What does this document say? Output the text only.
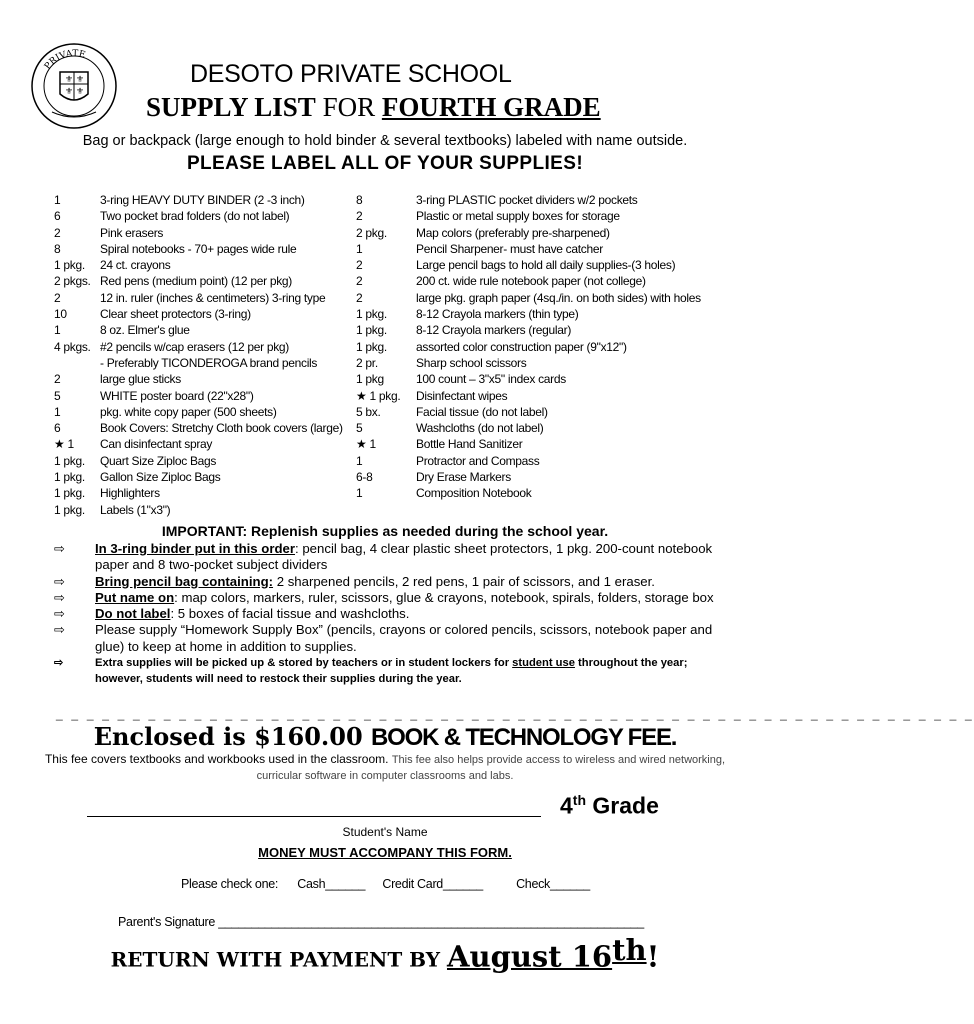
PRIVATE
⚜ ⚜
⚜ ⚜
DESOTO PRIVATE SCHOOL
SUPPLY LIST FOR FOURTH GRADE
Bag or backpack (large enough to hold binder & several textbooks) labeled with name outside.
PLEASE LABEL ALL OF YOUR SUPPLIES!
1	3-ring HEAVY DUTY BINDER (2 -3 inch)
6	Two pocket brad folders (do not label)
2	Pink erasers
8	Spiral notebooks - 70+ pages wide rule
1 pkg. 24 ct. crayons
2 pkgs. Red pens (medium point) (12 per pkg)
2	12 in. ruler (inches & centimeters) 3-ring type
10	Clear sheet protectors (3-ring)
1	8 oz. Elmer's glue
4 pkgs. #2 pencils w/cap erasers (12 per pkg)
- Preferably TICONDEROGA brand pencils
2	large glue sticks
5	WHITE poster board (22"x28")
1	pkg. white copy paper (500 sheets)
6	Book Covers: Stretchy Cloth book covers (large)
★ 1 Can disinfectant spray
1 pkg. Quart Size Ziploc Bags
1 pkg. Gallon Size Ziploc Bags
1 pkg. Highlighters
1 pkg. Labels (1"x3")
8	3-ring PLASTIC pocket dividers w/2 pockets
2	Plastic or metal supply boxes for storage
2 pkg. Map colors (preferably pre-sharpened)
1	Pencil Sharpener- must have catcher
2	Large pencil bags to hold all daily supplies-(3 holes)
2	200 ct. wide rule notebook paper (not college)
2	large pkg. graph paper (4sq./in. on both sides) with holes
1 pkg. 8-12 Crayola markers (thin type)
1 pkg. 8-12 Crayola markers (regular)
1 pkg. assorted color construction paper (9"x12")
2 pr.	Sharp school scissors
1 pkg	100 count – 3"x5" index cards
★ 1 pkg. Disinfectant wipes
5 bx.	Facial tissue (do not label)
5	Washcloths (do not label)
★ 1	Bottle Hand Sanitizer
1	Protractor and Compass
6-8	Dry Erase Markers
1	Composition Notebook
IMPORTANT: Replenish supplies as needed during the school year.
⇨ In 3-ring binder put in this order: pencil bag, 4 clear plastic sheet protectors, 1 pkg. 200-count notebook paper and 8 two-pocket subject dividers
⇨ Bring pencil bag containing: 2 sharpened pencils, 2 red pens, 1 pair of scissors, and 1 eraser.
⇨ Put name on: map colors, markers, ruler, scissors, glue & crayons, notebook, spirals, folders, storage box
⇨ Do not label: 5 boxes of facial tissue and washcloths.
⇨ Please supply “Homework Supply Box” (pencils, crayons or colored pencils, scissors, notebook paper and glue) to keep at home in addition to supplies.
⇨	Extra supplies will be picked up & stored by teachers or in student lockers for student use throughout the year; however, students will need to restock their supplies during the year.
_ _ _ _ _ _ _ _ _ _ _ _ _ _ _ _ _ _ _ _ _ _ _ _ _ _ _ _ _ _ _ _ _ _ _ _ _ _ _ _ _ _ _ _ _ _ _ _ _ _ _ _ _ _ _ _ _ _ _ _
Enclosed is $160.00 BOOK & TECHNOLOGY FEE.
This fee covers textbooks and workbooks used in the classroom. This fee also helps provide access to wireless and wired networking, curricular software in computer classrooms and labs.
4th Grade
Student's Name
MONEY MUST ACCOMPANY THIS FORM.
Please check one: Cash______ Credit Card______	Check______
Parent's Signature ________________________________________________________________
RETURN WITH PAYMENT BY August 16th!
